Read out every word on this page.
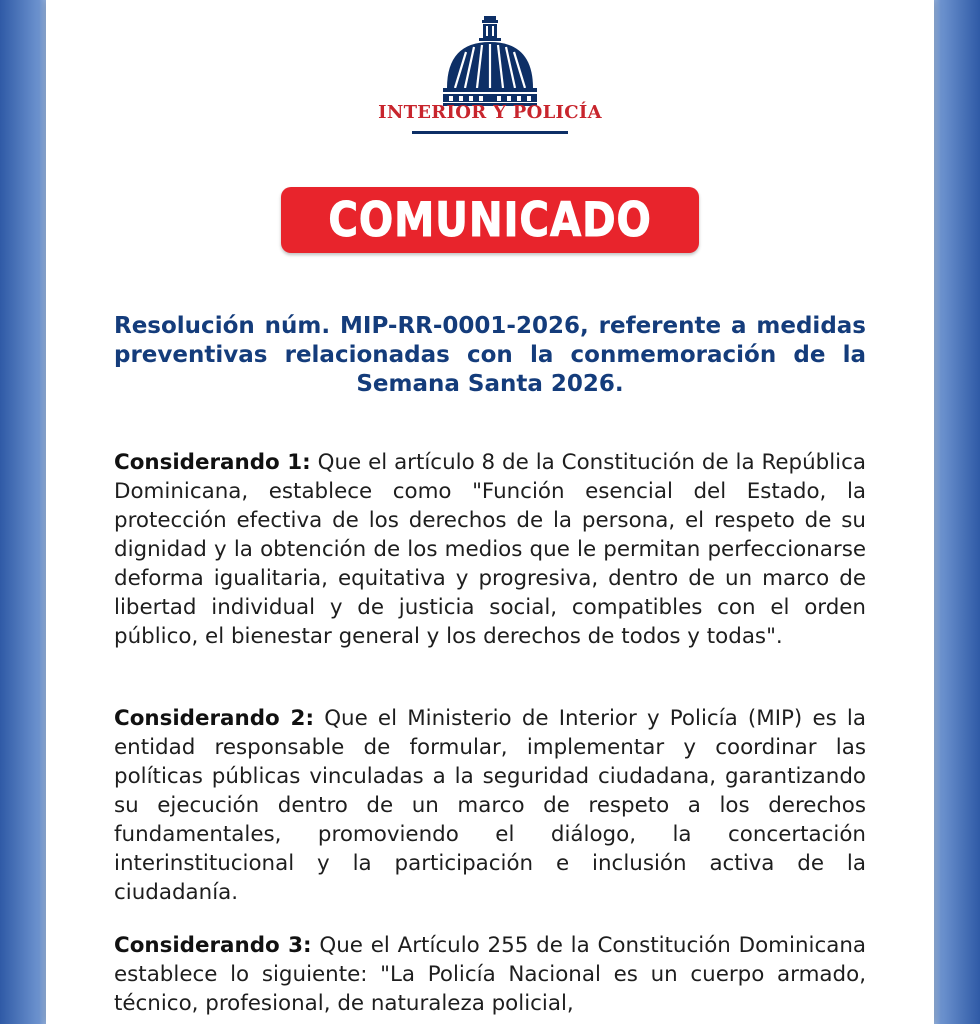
INTERIOR Y POLICÍA
COMUNICADO
Resolución núm. MIP-RR-0001-2026, referente a medidas preventivas relacionadas con la conmemoración de la Semana Santa 2026.

Considerando 1: Que el artículo 8 de la Constitución de la República Dominicana, establece como "Función esencial del Estado, la protección efectiva de los derechos de la persona, el respeto de su dignidad y la obtención de los medios que le permitan perfeccionarse deforma igualitaria, equitativa y progresiva, dentro de un marco de libertad individual y de justicia social, compatibles con el orden público, el bienestar general y los derechos de todos y todas".

Considerando 2: Que el Ministerio de Interior y Policía (MIP) es la entidad responsable de formular, implementar y coordinar las políticas públicas vinculadas a la seguridad ciudadana, garantizando su ejecución dentro de un marco de respeto a los derechos fundamentales, promoviendo el diálogo, la concertación interinstitucional y la participación e inclusión activa de la ciudadanía.

Considerando 3: Que el Artículo 255 de la Constitución Dominicana establece lo siguiente: "La Policía Nacional es un cuerpo armado, técnico, profesional, de naturaleza policial,
